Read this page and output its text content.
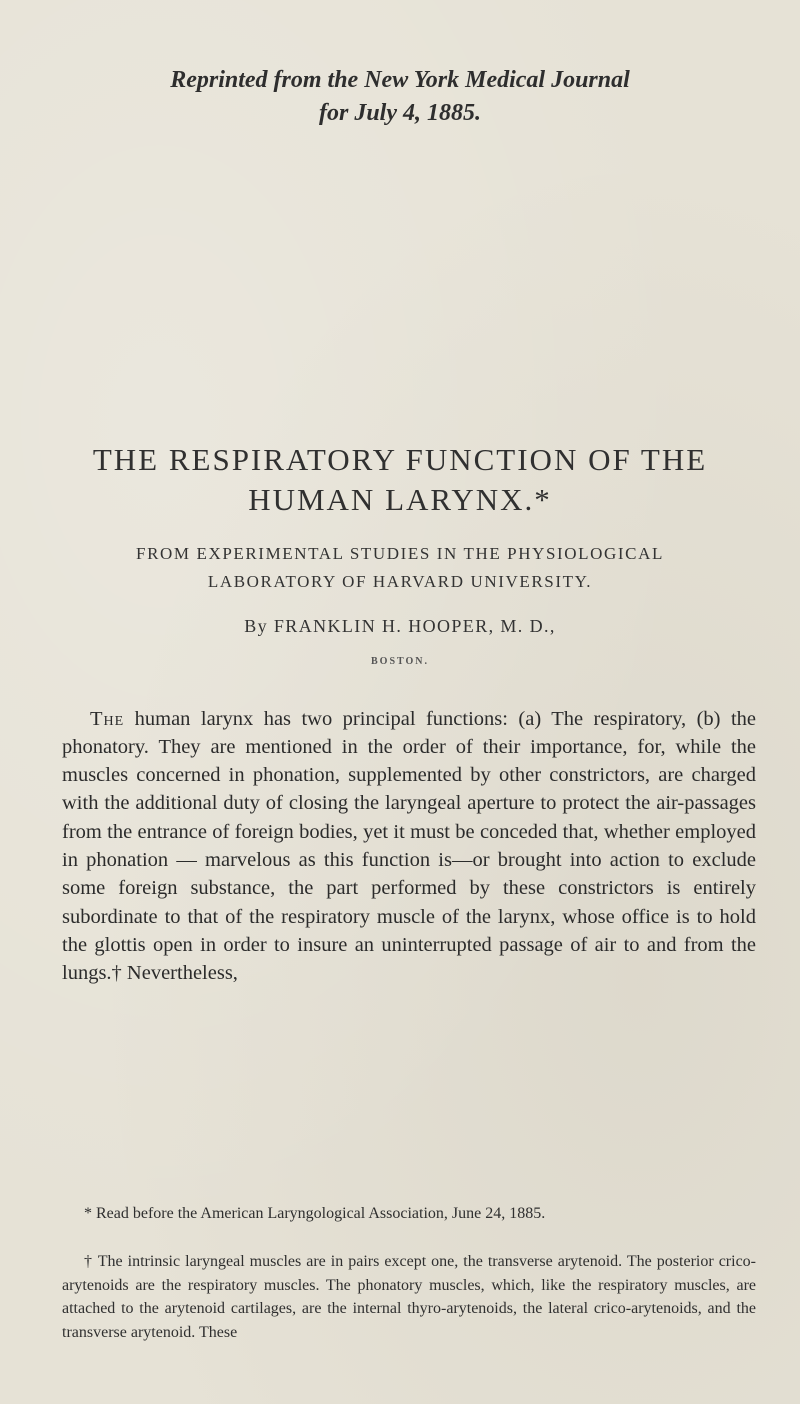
Reprinted from the New York Medical Journal
for July 4, 1885.
THE RESPIRATORY FUNCTION OF THE
HUMAN LARYNX.*
FROM EXPERIMENTAL STUDIES IN THE PHYSIOLOGICAL
LABORATORY OF HARVARD UNIVERSITY.
By FRANKLIN H. HOOPER, M. D.,
BOSTON.

The human larynx has two principal functions: (a) The respiratory, (b) the phonatory. They are mentioned in the order of their importance, for, while the muscles concerned in phonation, supplemented by other constrictors, are charged with the additional duty of closing the laryngeal aperture to protect the air-passages from the entrance of foreign bodies, yet it must be conceded that, whether employed in phonation — marvelous as this function is—or brought into action to exclude some foreign substance, the part performed by these constrictors is entirely subordinate to that of the respiratory muscle of the larynx, whose office is to hold the glottis open in order to insure an uninterrupted passage of air to and from the lungs.† Nevertheless,

* Read before the American Laryngological Association, June 24, 1885.

† The intrinsic laryngeal muscles are in pairs except one, the transverse arytenoid. The posterior crico-arytenoids are the respiratory muscles. The phonatory muscles, which, like the respiratory muscles, are attached to the arytenoid cartilages, are the internal thyro-arytenoids, the lateral crico-arytenoids, and the transverse arytenoid. These
